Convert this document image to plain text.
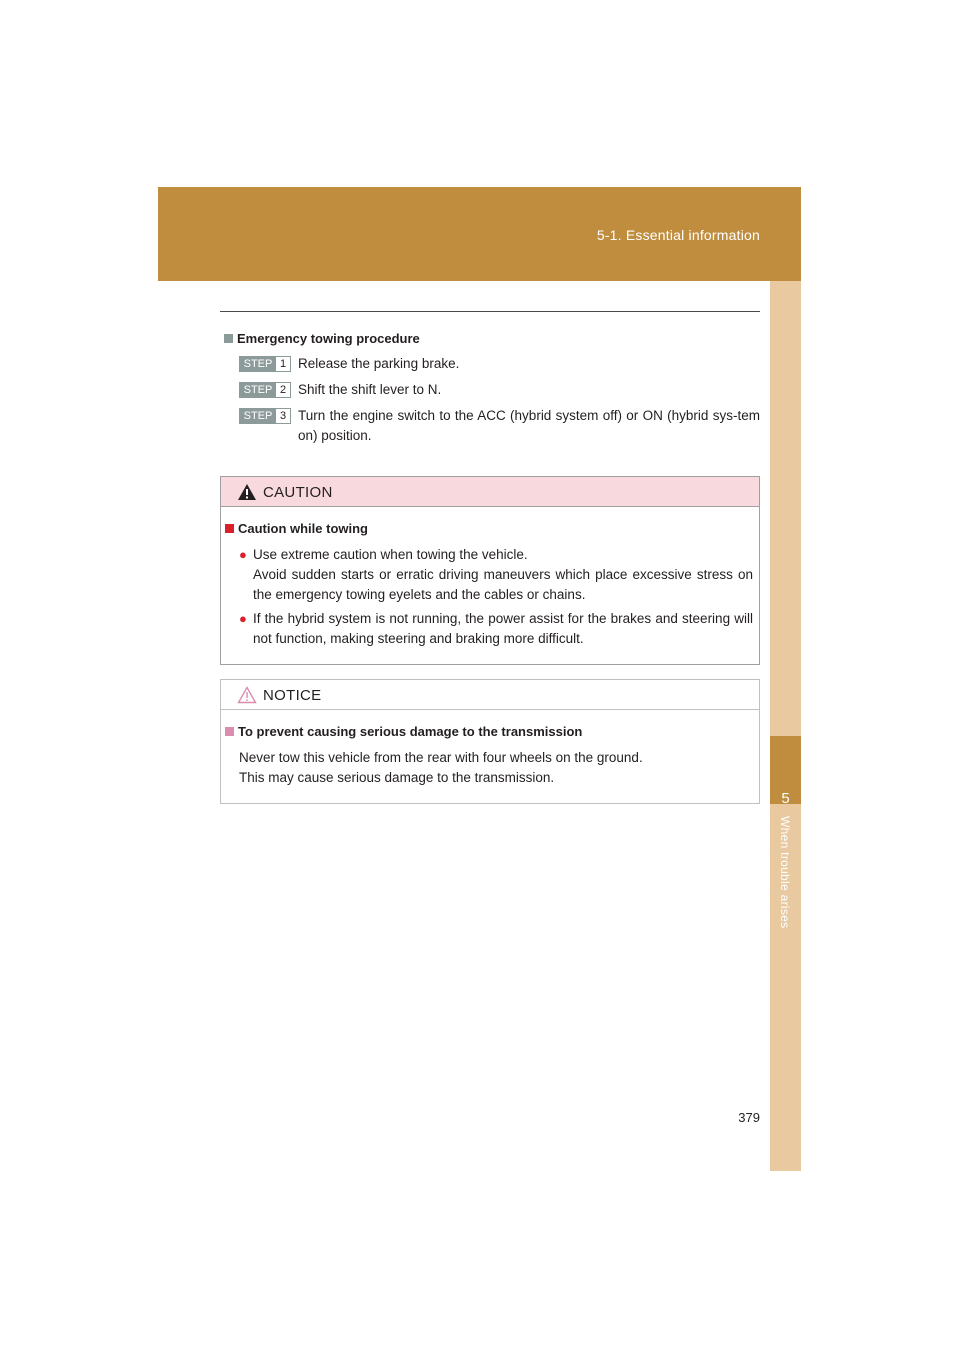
5-1. Essential information
5
When trouble arises
Emergency towing procedure
STEP 1 Release the parking brake.
STEP 2 Shift the shift lever to N.
STEP 3 Turn the engine switch to the ACC (hybrid system off) or ON (hybrid sys-tem on) position.
CAUTION
Caution while towing
● Use extreme caution when towing the vehicle.
Avoid sudden starts or erratic driving maneuvers which place excessive stress on the emergency towing eyelets and the cables or chains.
● If the hybrid system is not running, the power assist for the brakes and steering will not function, making steering and braking more difficult.
NOTICE
To prevent causing serious damage to the transmission
Never tow this vehicle from the rear with four wheels on the ground.
This may cause serious damage to the transmission.
379
